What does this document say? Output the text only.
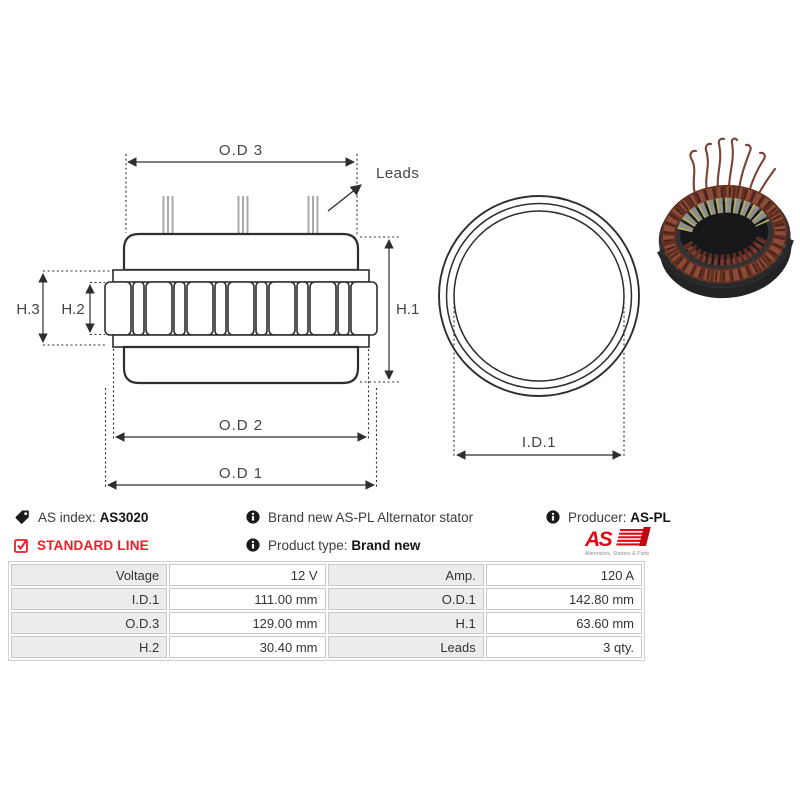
O.D 3
Leads
H.3 H.2	H.1
O.D 2
O.D 1
I.D.1
AS index: AS3020	Brand new AS-PL Alternator stator	Producer: AS-PL
STANDARD LINE	Product type: Brand new	AS
Alternators, Starters & Parts
Voltage	12 V	Amp.	120 A
I.D.1	111.00 mm	O.D.1	142.80 mm
O.D.3	129.00 mm	H.1	63.60 mm
H.2	30.40 mm	Leads	3 qty.
